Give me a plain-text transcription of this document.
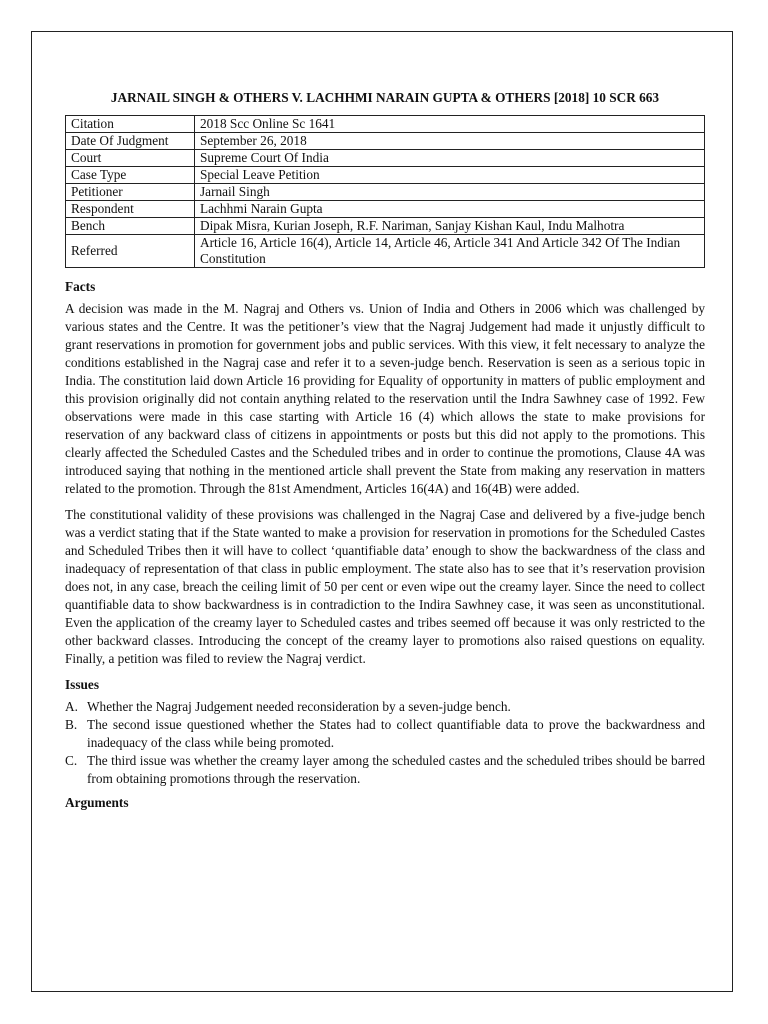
JARNAIL SINGH & OTHERS V. LACHHMI NARAIN GUPTA & OTHERS [2018] 10 SCR 663
Citation	2018 Scc Online Sc 1641
Date Of Judgment	September 26, 2018
Court	Supreme Court Of India
Case Type	Special Leave Petition
Petitioner	Jarnail Singh
Respondent	Lachhmi Narain Gupta
Bench	Dipak Misra, Kurian Joseph, R.F. Nariman, Sanjay Kishan Kaul, Indu Malhotra
Referred	Article 16, Article 16(4), Article 14, Article 46, Article 341 And Article 342 Of The Indian Constitution
Facts

A decision was made in the M. Nagraj and Others vs. Union of India and Others in 2006 which was challenged by various states and the Centre. It was the petitioner’s view that the Nagraj Judgement had made it unjustly difficult to grant reservations in promotion for government jobs and public services. With this view, it felt necessary to analyze the conditions established in the Nagraj case and refer it to a seven-judge bench. Reservation is seen as a serious topic in India. The constitution laid down Article 16 providing for Equality of opportunity in matters of public employment and this provision originally did not contain anything related to the reservation until the Indra Sawhney case of 1992. Few observations were made in this case starting with Article 16 (4) which allows the state to make provisions for reservation of any backward class of citizens in appointments or posts but this did not apply to the promotions. This clearly affected the Scheduled Castes and the Scheduled tribes and in order to continue the promotions, Clause 4A was introduced saying that nothing in the mentioned article shall prevent the State from making any reservation in matters related to the promotion. Through the 81st Amendment, Articles 16(4A) and 16(4B) were added.

The constitutional validity of these provisions was challenged in the Nagraj Case and delivered by a five-judge bench was a verdict stating that if the State wanted to make a provision for reservation in promotions for the Scheduled Castes and Scheduled Tribes then it will have to collect ‘quantifiable data’ enough to show the backwardness of the class and inadequacy of representation of that class in public employment. The state also has to see that it’s reservation provision does not, in any case, breach the ceiling limit of 50 per cent or even wipe out the creamy layer. Since the need to collect quantifiable data to show backwardness is in contradiction to the Indira Sawhney case, it was seen as unconstitutional. Even the application of the creamy layer to Scheduled castes and tribes seemed off because it was only restricted to the other backward classes. Introducing the concept of the creamy layer to promotions also raised questions on equality. Finally, a petition was filed to review the Nagraj verdict.

Issues
A. Whether the Nagraj Judgement needed reconsideration by a seven-judge bench.
B. The second issue questioned whether the States had to collect quantifiable data to prove the backwardness and inadequacy of the class while being promoted.
C. The third issue was whether the creamy layer among the scheduled castes and the scheduled tribes should be barred from obtaining promotions through the reservation.
Arguments
